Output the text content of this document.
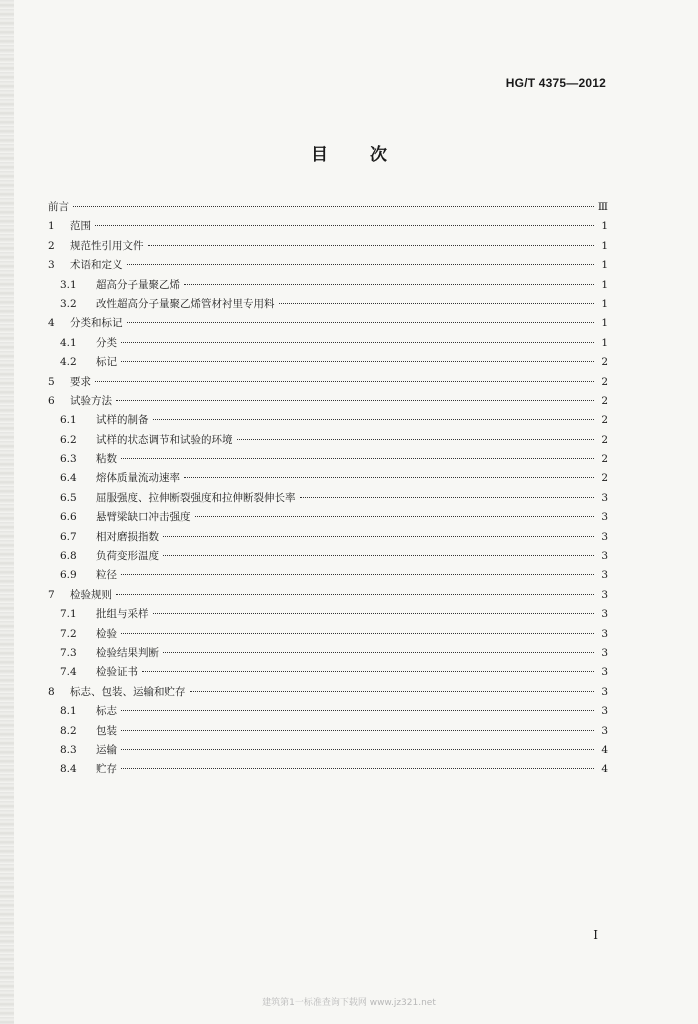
HG/T 4375—2012
目 次
前言	Ⅲ
1	范围	1
2	规范性引用文件	1
3	术语和定义	1
3.1	超高分子量聚乙烯	1
3.2	改性超高分子量聚乙烯管材衬里专用料	1
4	分类和标记	1
4.1	分类	1
4.2	标记	2
5	要求	2
6	试验方法	2
6.1	试样的制备	2
6.2	试样的状态调节和试验的环境	2
6.3	粘数	2
6.4	熔体质量流动速率	2
6.5	屈服强度、拉伸断裂强度和拉伸断裂伸长率	3
6.6	悬臂梁缺口冲击强度	3
6.7	相对磨损指数	3
6.8	负荷变形温度	3
6.9	粒径	3
7	检验规则	3
7.1	批组与采样	3
7.2	检验	3
7.3	检验结果判断	3
7.4	检验证书	3
8	标志、包装、运输和贮存	3
8.1	标志	3
8.2	包装	3
8.3	运输	4
8.4	贮存	4
I
建筑第1一标准查询下载网 www.jz321.net
